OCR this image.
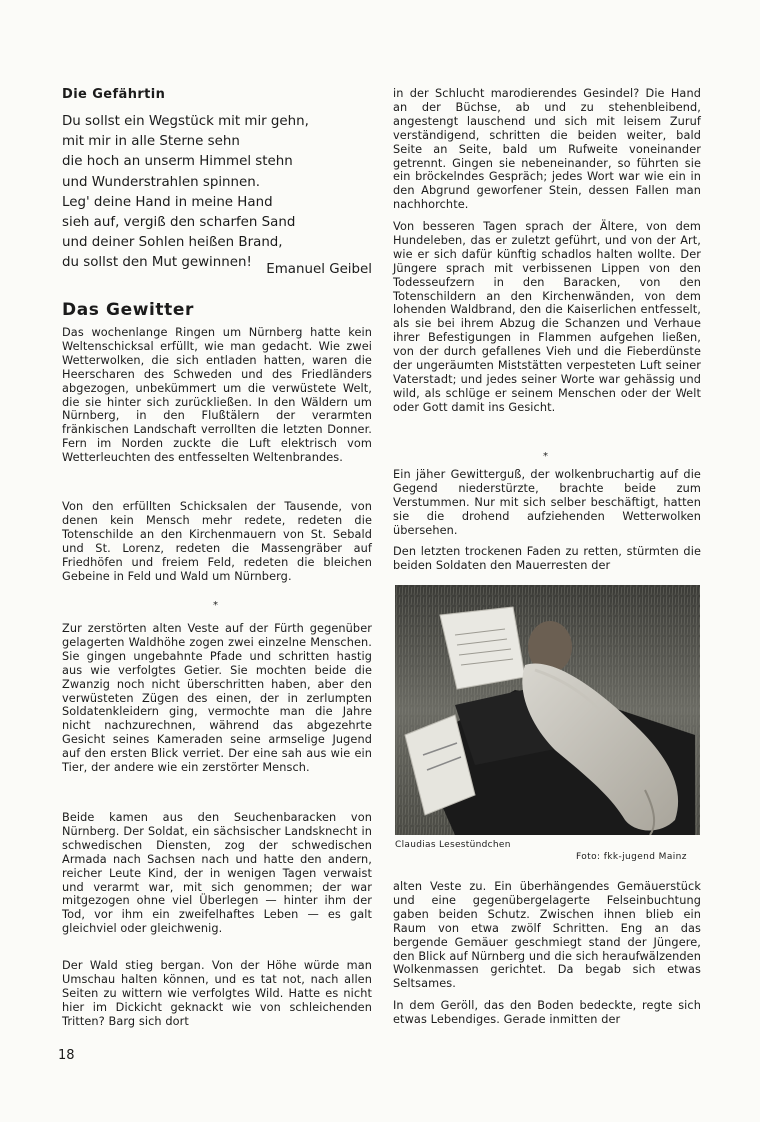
Die Gefährtin
Du sollst ein Wegstück mit mir gehn,
mit mir in alle Sterne sehn
die hoch an unserm Himmel stehn
und Wunderstrahlen spinnen.
Leg' deine Hand in meine Hand
sieh auf, vergiß den scharfen Sand
und deiner Sohlen heißen Brand,
du sollst den Mut gewinnen!	Emanuel Geibel
Das Gewitter

Das wochenlange Ringen um Nürnberg hatte kein Weltenschicksal erfüllt, wie man gedacht. Wie zwei Wetterwolken, die sich entladen hatten, waren die Heerscharen des Schweden und des Friedländers abgezogen, unbekümmert um die verwüstete Welt, die sie hinter sich zurückließen. In den Wäldern um Nürnberg, in den Flußtälern der verarmten fränkischen Landschaft verrollten die letzten Donner. Fern im Norden zuckte die Luft elektrisch vom Wetterleuchten des entfesselten Weltenbrandes.

Von den erfüllten Schicksalen der Tausende, von denen kein Mensch mehr redete, redeten die Totenschilde an den Kirchenmauern von St. Sebald und St. Lorenz, redeten die Massengräber auf Friedhöfen und freiem Feld, redeten die bleichen Gebeine in Feld und Wald um Nürnberg.

*

Zur zerstörten alten Veste auf der Fürth gegenüber gelagerten Waldhöhe zogen zwei einzelne Menschen. Sie gingen ungebahnte Pfade und schritten hastig aus wie verfolgtes Getier. Sie mochten beide die Zwanzig noch nicht überschritten haben, aber den verwüsteten Zügen des einen, der in zerlumpten Soldatenkleidern ging, vermochte man die Jahre nicht nachzurechnen, während das abgezehrte Gesicht seines Kameraden seine armselige Jugend auf den ersten Blick verriet. Der eine sah aus wie ein Tier, der andere wie ein zerstörter Mensch.

Beide kamen aus den Seuchenbaracken von Nürnberg. Der Soldat, ein sächsischer Landsknecht in schwedischen Diensten, zog der schwedischen Armada nach Sachsen nach und hatte den andern, reicher Leute Kind, der in wenigen Tagen verwaist und verarmt war, mit sich genommen; der war mitgezogen ohne viel Überlegen — hinter ihm der Tod, vor ihm ein zweifelhaftes Leben — es galt gleichviel oder gleichwenig.

Der Wald stieg bergan. Von der Höhe würde man Umschau halten können, und es tat not, nach allen Seiten zu wittern wie verfolgtes Wild. Hatte es nicht hier im Dickicht geknackt wie von schleichenden Tritten? Barg sich dort

in der Schlucht marodierendes Gesindel? Die Hand an der Büchse, ab und zu stehenbleibend, angestengt lauschend und sich mit leisem Zuruf verständigend, schritten die beiden weiter, bald Seite an Seite, bald um Rufweite voneinander getrennt. Gingen sie nebeneinander, so führten sie ein bröckelndes Gespräch; jedes Wort war wie ein in den Abgrund geworfener Stein, dessen Fallen man nachhorchte.

Von besseren Tagen sprach der Ältere, von dem Hundeleben, das er zuletzt geführt, und von der Art, wie er sich dafür künftig schadlos halten wollte. Der Jüngere sprach mit verbissenen Lippen von den Todesseufzern in den Baracken, von den Totenschildern an den Kirchenwänden, von dem lohenden Waldbrand, den die Kaiserlichen entfesselt, als sie bei ihrem Abzug die Schanzen und Verhaue ihrer Befestigungen in Flammen aufgehen ließen, von der durch gefallenes Vieh und die Fieberdünste der ungeräumten Miststätten verpesteten Luft seiner Vaterstadt; und jedes seiner Worte war gehässig und wild, als schlüge er seinem Menschen oder der Welt oder Gott damit ins Gesicht.

*

Ein jäher Gewitterguß, der wolkenbruchartig auf die Gegend niederstürzte, brachte beide zum Verstummen. Nur mit sich selber beschäftigt, hatten sie die drohend aufziehenden Wetterwolken übersehen.

Den letzten trockenen Faden zu retten, stürmten die beiden Soldaten den Mauerresten der

Claudias Lesestündchen
Foto: fkk-jugend Mainz

alten Veste zu. Ein überhängendes Gemäuerstück und eine gegenübergelagerte Felseinbuchtung gaben beiden Schutz. Zwischen ihnen blieb ein Raum von etwa zwölf Schritten. Eng an das bergende Gemäuer geschmiegt stand der Jüngere, den Blick auf Nürnberg und die sich heraufwälzenden Wolkenmassen gerichtet. Da begab sich etwas Seltsames.

In dem Geröll, das den Boden bedeckte, regte sich etwas Lebendiges. Gerade inmitten der

18
